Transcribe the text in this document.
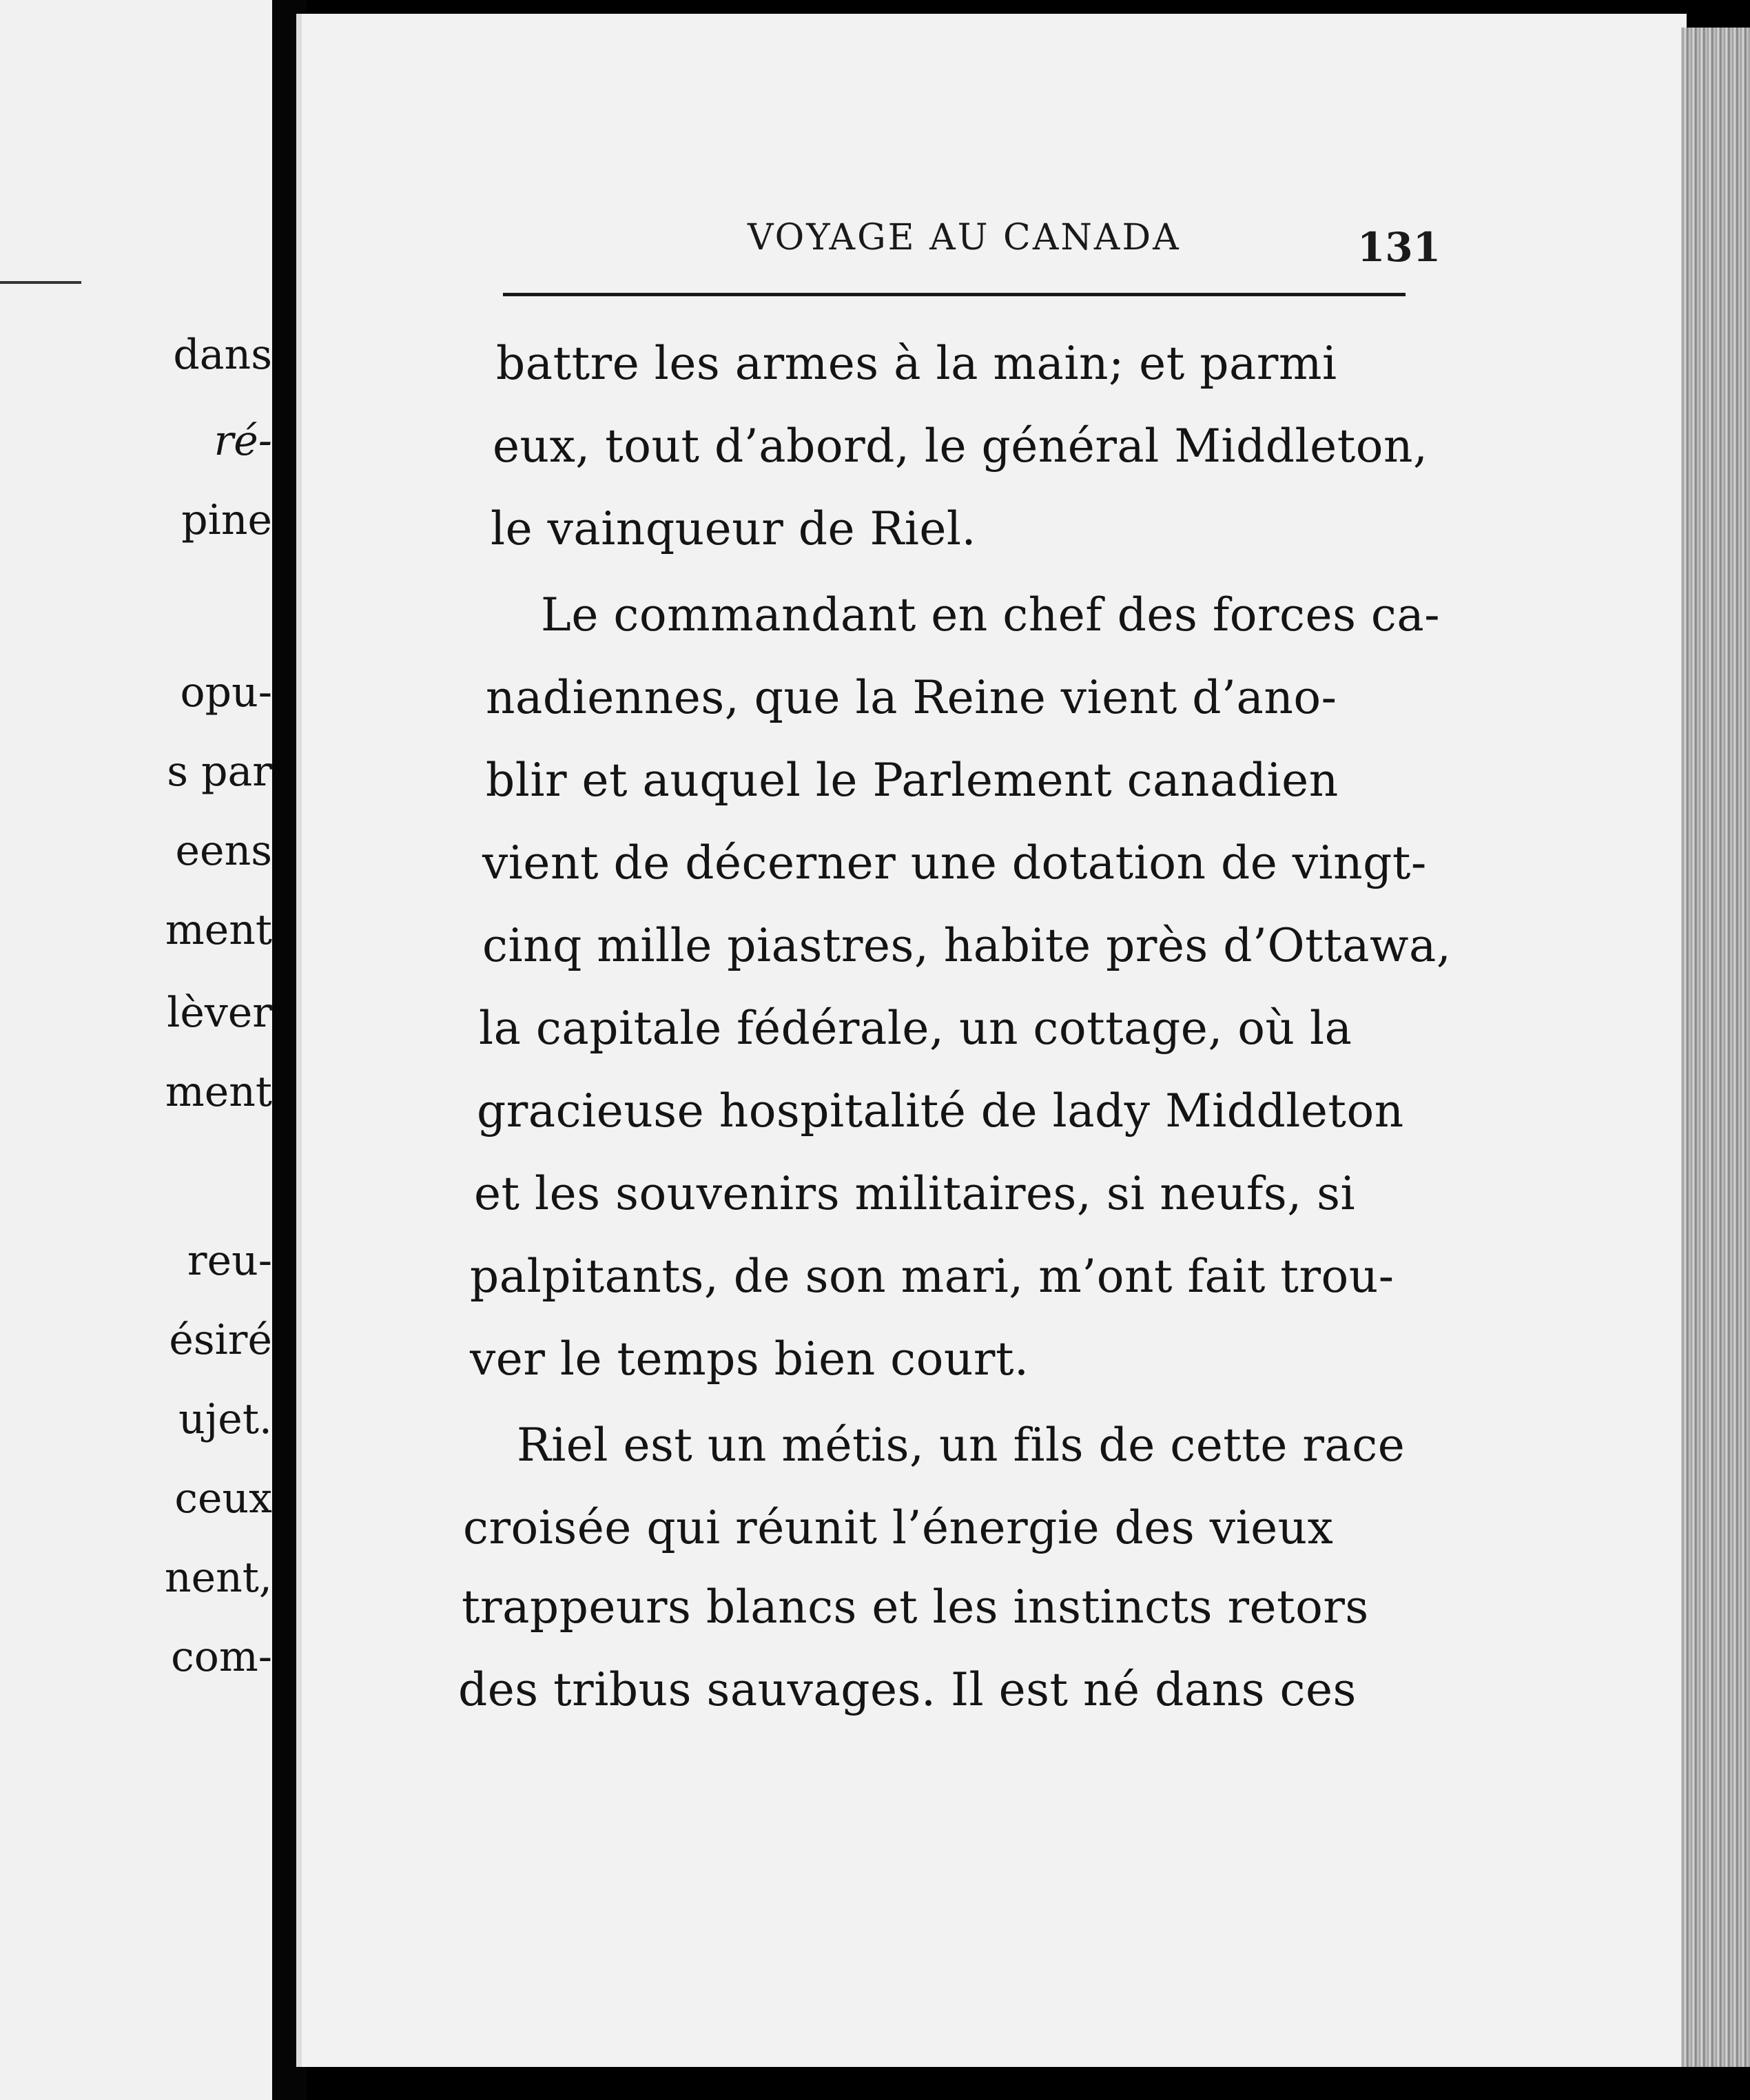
dans
ré-
pine
opu-
s par
eens
ment
lèver
ment
reu-
ésiré
ujet.
ceux
nent,
com-
VOYAGE AU CANADA	131
battre les armes à la main; et parmi
eux, tout d’abord, le général Middleton,
le vainqueur de Riel.
Le commandant en chef des forces ca-
nadiennes, que la Reine vient d’ano-
blir et auquel le Parlement canadien
vient de décerner une dotation de vingt-
cinq mille piastres, habite près d’Ottawa,
la capitale fédérale, un cottage, où la
gracieuse hospitalité de lady Middleton
et les souvenirs militaires, si neufs, si
palpitants, de son mari, m’ont fait trou-
ver le temps bien court.
Riel est un métis, un fils de cette race
croisée qui réunit l’énergie des vieux
trappeurs blancs et les instincts retors
des tribus sauvages. Il est né dans ces
